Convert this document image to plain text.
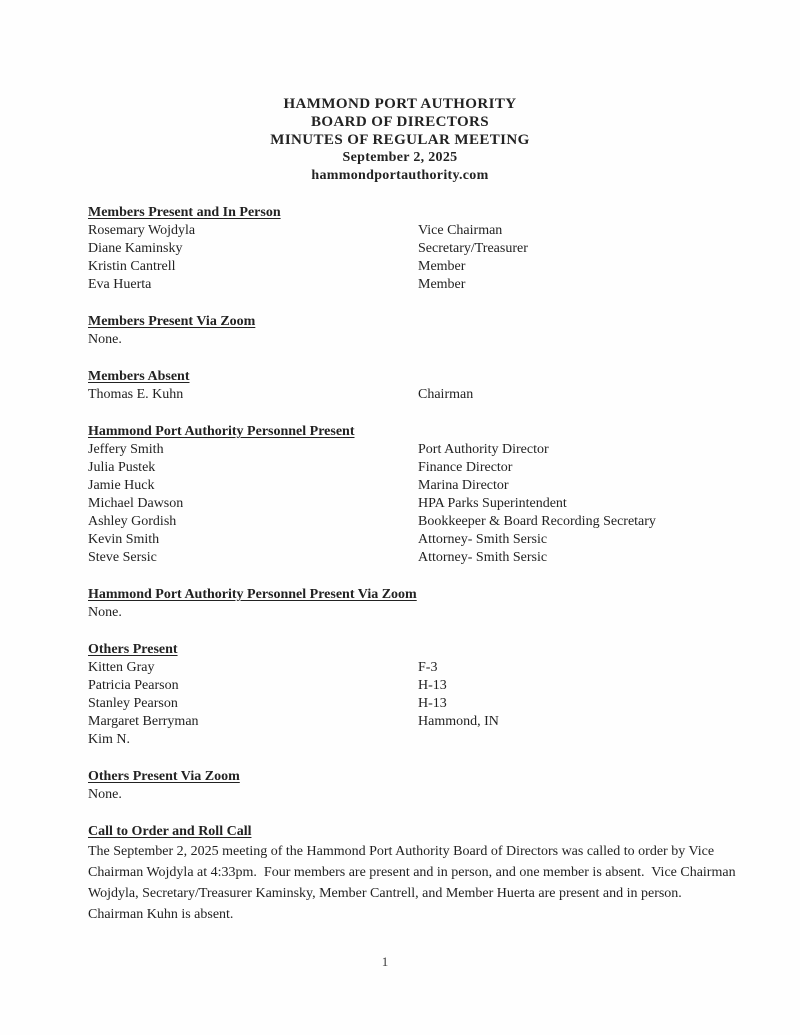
HAMMOND PORT AUTHORITY
BOARD OF DIRECTORS
MINUTES OF REGULAR MEETING
September 2, 2025
hammondportauthority.com
Members Present and In Person
Rosemary Wojdyla	Vice Chairman
Diane Kaminsky	Secretary/Treasurer
Kristin Cantrell	Member
Eva Huerta	Member
Members Present Via Zoom
None.
Members Absent
Thomas E. Kuhn	Chairman
Hammond Port Authority Personnel Present
Jeffery Smith	Port Authority Director
Julia Pustek	Finance Director
Jamie Huck	Marina Director
Michael Dawson	HPA Parks Superintendent
Ashley Gordish	Bookkeeper & Board Recording Secretary
Kevin Smith	Attorney- Smith Sersic
Steve Sersic	Attorney- Smith Sersic
Hammond Port Authority Personnel Present Via Zoom
None.
Others Present
Kitten Gray	F-3
Patricia Pearson	H-13
Stanley Pearson	H-13
Margaret Berryman	Hammond, IN
Kim N.
Others Present Via Zoom
None.
Call to Order and Roll Call

The September 2, 2025 meeting of the Hammond Port Authority Board of Directors was called to order by Vice Chairman Wojdyla at 4:33pm.  Four members are present and in person, and one member is absent.  Vice Chairman Wojdyla, Secretary/Treasurer Kaminsky, Member Cantrell, and Member Huerta are present and in person.  Chairman Kuhn is absent.

1
